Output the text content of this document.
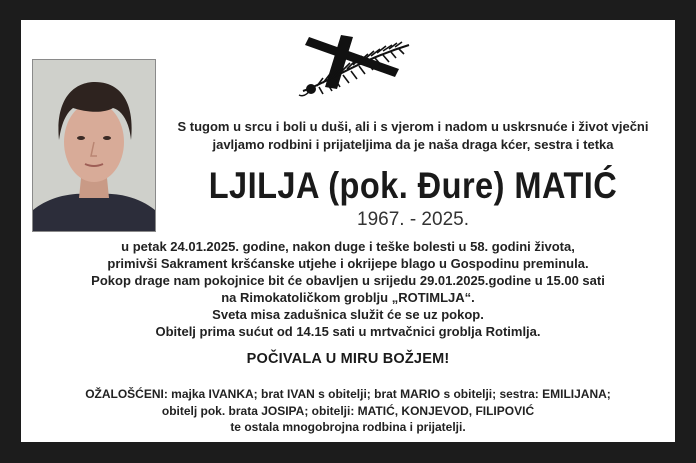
S tugom u srcu i boli u duši, ali i s vjerom i nadom u uskrsnuće i život vječni
javljamo rodbini i prijateljima da je naša draga kćer, sestra i tetka
LJILJA (pok. Đure) MATIĆ
1967. - 2025.
u petak 24.01.2025. godine, nakon duge i teške bolesti u 58. godini života,
primivši Sakrament kršćanske utjehe i okrijepe blago u Gospodinu preminula.
Pokop drage nam pokojnice bit će obavljen u srijedu 29.01.2025.godine u 15.00 sati
na Rimokatoličkom groblju „ROTIMLJA“.
Sveta misa zadušnica služit će se uz pokop.
Obitelj prima sućut od 14.15 sati u mrtvačnici groblja Rotimlja.
POČIVALA U MIRU BOŽJEM!
OŽALOŠĆENI: majka IVANKA; brat IVAN s obitelji; brat MARIO s obitelji; sestra: EMILIJANA;
obitelj pok. brata JOSIPA; obitelji: MATIĆ, KONJEVOD, FILIPOVIĆ
te ostala mnogobrojna rodbina i prijatelji.
